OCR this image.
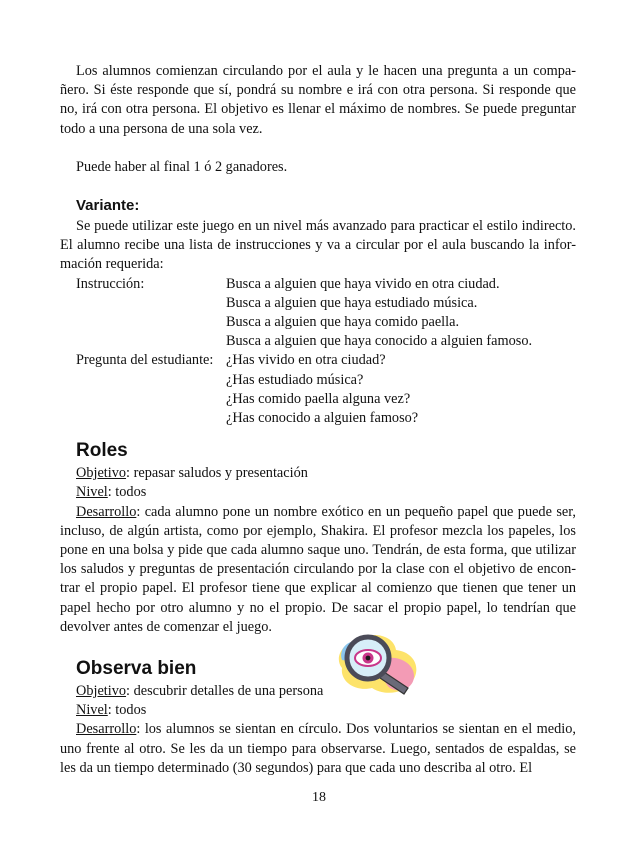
Los alumnos comienzan circulando por el aula y le hacen una pregunta a un compa-ñero. Si éste responde que sí, pondrá su nombre e irá con otra persona. Si responde que no, irá con otra persona. El objetivo es llenar el máximo de nombres. Se puede preguntar todo a una persona de una sola vez.

Puede haber al final 1 ó 2 ganadores.

Variante:

Se puede utilizar este juego en un nivel más avanzado para practicar el estilo indirecto. El alumno recibe una lista de instrucciones y va a circular por el aula buscando la infor-mación requerida:

Instrucción:	Busca a alguien que haya vivido en otra ciudad.
Busca a alguien que haya estudiado música.
Busca a alguien que haya comido paella.
Busca a alguien que haya conocido a alguien famoso.
Pregunta del estudiante: ¿Has vivido en otra ciudad?
¿Has estudiado música?
¿Has comido paella alguna vez?
¿Has conocido a alguien famoso?
Roles

Objetivo: repasar saludos y presentación

Nivel: todos

Desarrollo: cada alumno pone un nombre exótico en un pequeño papel que puede ser, incluso, de algún artista, como por ejemplo, Shakira. El profesor mezcla los papeles, los pone en una bolsa y pide que cada alumno saque uno. Tendrán, de esta forma, que utilizar los saludos y preguntas de presentación circulando por la clase con el objetivo de encon-trar el propio papel. El profesor tiene que explicar al comienzo que tienen que tener un papel hecho por otro alumno y no el propio. De sacar el propio papel, lo tendrían que devolver antes de comenzar el juego.

Observa bien

Objetivo: descubrir detalles de una persona

Nivel: todos

Desarrollo: los alumnos se sientan en círculo. Dos voluntarios se sientan en el medio, uno frente al otro. Se les da un tiempo para observarse. Luego, sentados de espaldas, se les da un tiempo determinado (30 segundos) para que cada uno describa al otro. El

18
